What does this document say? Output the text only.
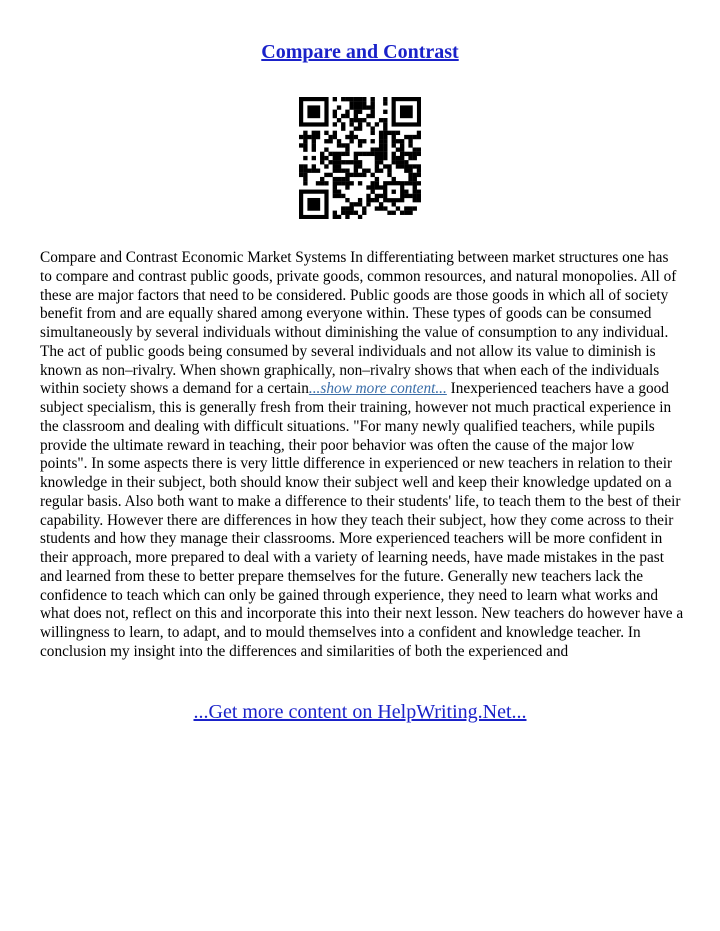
Compare and Contrast

Compare and Contrast Economic Market Systems In differentiating between market structures one has to compare and contrast public goods, private goods, common resources, and natural monopolies. All of these are major factors that need to be considered. Public goods are those goods in which all of society benefit from and are equally shared among everyone within. These types of goods can be consumed simultaneously by several individuals without diminishing the value of consumption to any individual. The act of public goods being consumed by several individuals and not allow its value to diminish is known as non–rivalry. When shown graphically, non–rivalry shows that when each of the individuals within society shows a demand for a certain...show more content... Inexperienced teachers have a good subject specialism, this is generally fresh from their training, however not much practical experience in the classroom and dealing with difficult situations. "For many newly qualified teachers, while pupils provide the ultimate reward in teaching, their poor behavior was often the cause of the major low points". In some aspects there is very little difference in experienced or new teachers in relation to their knowledge in their subject, both should know their subject well and keep their knowledge updated on a regular basis. Also both want to make a difference to their students' life, to teach them to the best of their capability. However there are differences in how they teach their subject, how they come across to their students and how they manage their classrooms. More experienced teachers will be more confident in their approach, more prepared to deal with a variety of learning needs, have made mistakes in the past and learned from these to better prepare themselves for the future. Generally new teachers lack the confidence to teach which can only be gained through experience, they need to learn what works and what does not, reflect on this and incorporate this into their next lesson. New teachers do however have a willingness to learn, to adapt, and to mould themselves into a confident and knowledge teacher. In conclusion my insight into the differences and similarities of both the experienced and

...Get more content on HelpWriting.Net...
